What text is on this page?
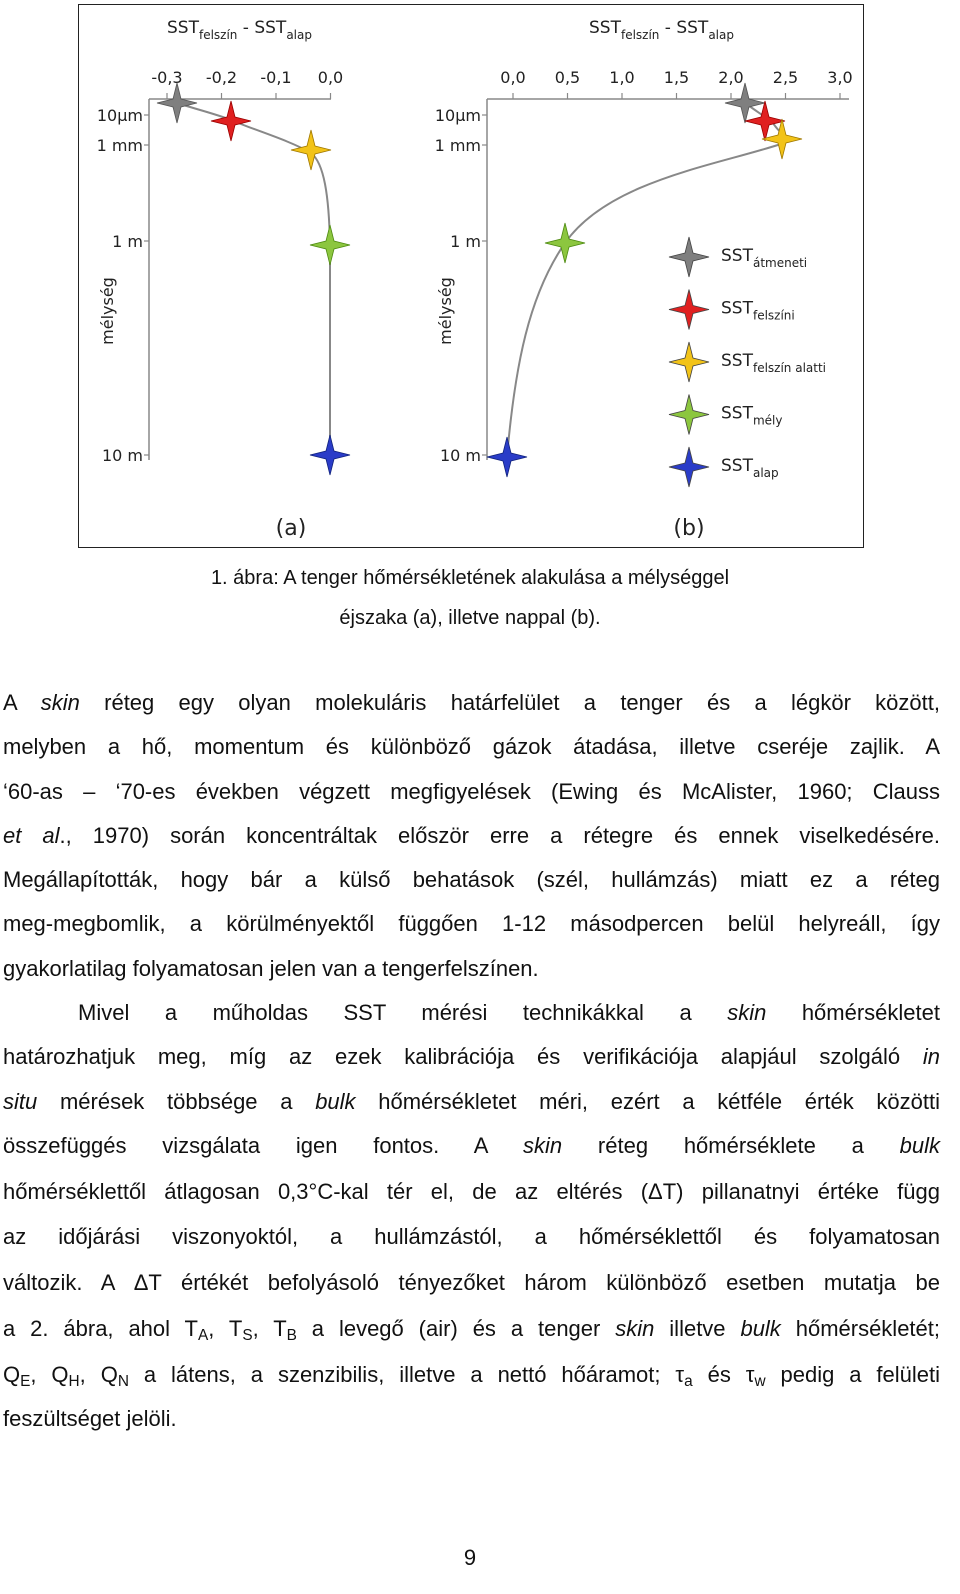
$SST_{felszín} - SST_{alap}$
-0,3 -0,2 -0,1 0,0
10µm
1 mm
1 m
10 m
mélység
(a)
$SST_{felszín} - SST_{alap}$
0,0 0,5 1,0 1,5 2,0 2,5 3,0
10µm
1 mm
1 m
10 m
mélység
(b)
$SST_{átmeneti}$
$SST_{felszíni}$
$SST_{felszín alatti}$
$SST_{mély}$
$SST_{alap}$
1. ábra: A tenger hőmérsékletének alakulása a mélységgel
éjszaka (a), illetve nappal (b).
A skin réteg egy olyan molekuláris határfelület a tenger és a légkör között,
melyben a hő, momentum és különböző gázok átadása, illetve cseréje zajlik. A
‘60-as – ‘70-es években végzett megfigyelések (Ewing és McAlister, 1960; Clauss
et al., 1970) során koncentráltak először erre a rétegre és ennek viselkedésére.
Megállapították, hogy bár a külső behatások (szél, hullámzás) miatt ez a réteg
meg-megbomlik, a körülményektől függően 1-12 másodpercen belül helyreáll, így
gyakorlatilag folyamatosan jelen van a tengerfelszínen.
Mivel a műholdas SST mérési technikákkal a skin hőmérsékletet
határozhatjuk meg, míg az ezek kalibrációja és verifikációja alapjául szolgáló in
situ mérések többsége a bulk hőmérsékletet méri, ezért a kétféle érték közötti
összefüggés vizsgálata igen fontos. A skin réteg hőmérséklete a bulk
hőmérséklettől átlagosan 0,3°C-kal tér el, de az eltérés (ΔT) pillanatnyi értéke függ
az időjárási viszonyoktól, a hullámzástól, a hőmérséklettől és folyamatosan
változik. A ΔT értékét befolyásoló tényezőket három különböző esetben mutatja be
a 2. ábra, ahol $T_A$, $T_S$, $T_B$ a levegő (air) és a tenger skin illetve bulk hőmérsékletét;
$Q_E$, $Q_H$, $Q_N$ a látens, a szenzibilis, illetve a nettó hőáramot; $\tau_a$ és $\tau_w$ pedig a felületi
feszültséget jelöli.
9
